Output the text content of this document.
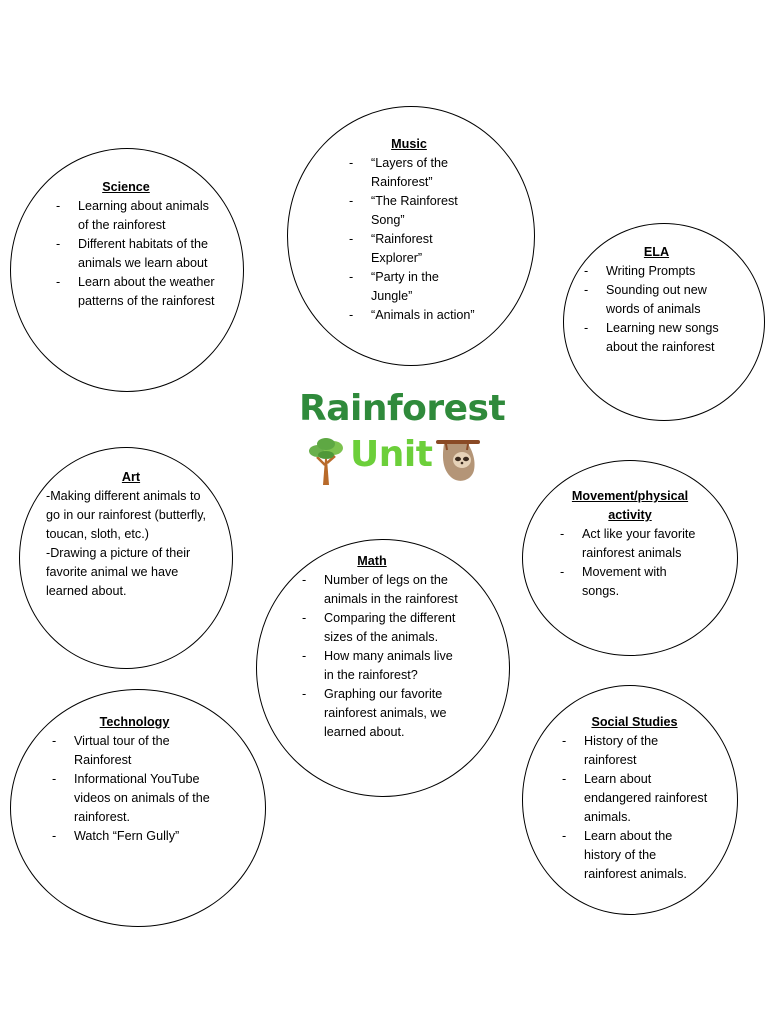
Science
- Learning about animals of the rainforest
- Different habitats of the animals we learn about
- Learn about the weather patterns of the rainforest
Music
- “Layers of the Rainforest”
- “The Rainforest Song”
- “Rainforest Explorer”
- “Party in the Jungle”
- “Animals in action”
ELA
- Writing Prompts
- Sounding out new words of animals
- Learning new songs about the rainforest
Rainforest
Unit
Art

-Making different animals to go in our rainforest (butterfly, toucan, sloth, etc.)

-Drawing a picture of their favorite animal we have learned about.

Movement/physical activity
- Act like your favorite rainforest animals
- Movement with songs.
Math
- Number of legs on the animals in the rainforest
- Comparing the different sizes of the animals.
- How many animals live in the rainforest?
- Graphing our favorite rainforest animals, we learned about.
Technology
- Virtual tour of the Rainforest
- Informational YouTube videos on animals of the rainforest.
- Watch “Fern Gully”
Social Studies
- History of the rainforest
- Learn about endangered rainforest animals.
- Learn about the history of the rainforest animals.
